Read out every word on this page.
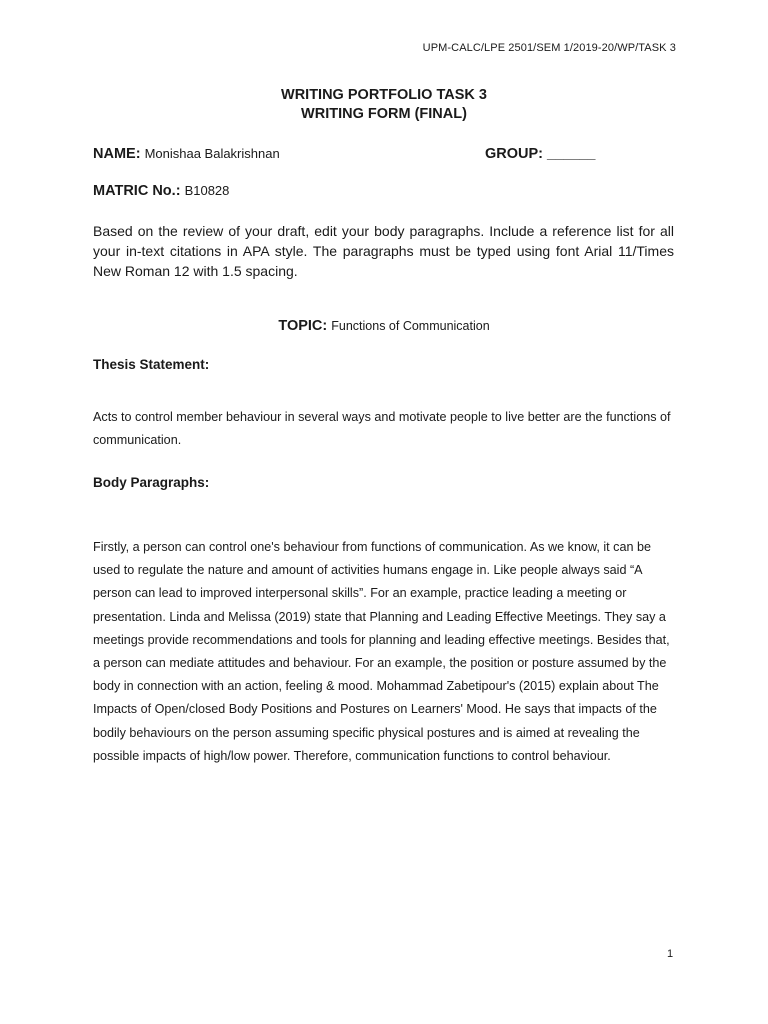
UPM-CALC/LPE 2501/SEM 1/2019-20/WP/TASK 3
WRITING PORTFOLIO TASK 3
WRITING FORM (FINAL)
NAME: Monishaa Balakrishnan	GROUP: ______
MATRIC No.: B10828
Based on the review of your draft, edit your body paragraphs. Include a reference list for all your in-text citations in APA style. The paragraphs must be typed using font Arial 11/Times New Roman 12 with 1.5 spacing.
TOPIC: Functions of Communication
Thesis Statement:
Acts to control member behaviour in several ways and motivate people to live better are the functions of communication.
Body Paragraphs:
Firstly, a person can control one's behaviour from functions of communication. As we know, it can be used to regulate the nature and amount of activities humans engage in. Like people always said “A person can lead to improved interpersonal skills”. For an example, practice leading a meeting or presentation. Linda and Melissa (2019) state that Planning and Leading Effective Meetings. They say a meetings provide recommendations and tools for planning and leading effective meetings. Besides that, a person can mediate attitudes and behaviour. For an example, the position or posture assumed by the body in connection with an action, feeling & mood. Mohammad Zabetipour's (2015) explain about The Impacts of Open/closed Body Positions and Postures on Learners' Mood. He says that impacts of the bodily behaviours on the person assuming specific physical postures and is aimed at revealing the possible impacts of high/low power. Therefore, communication functions to control behaviour.
1
